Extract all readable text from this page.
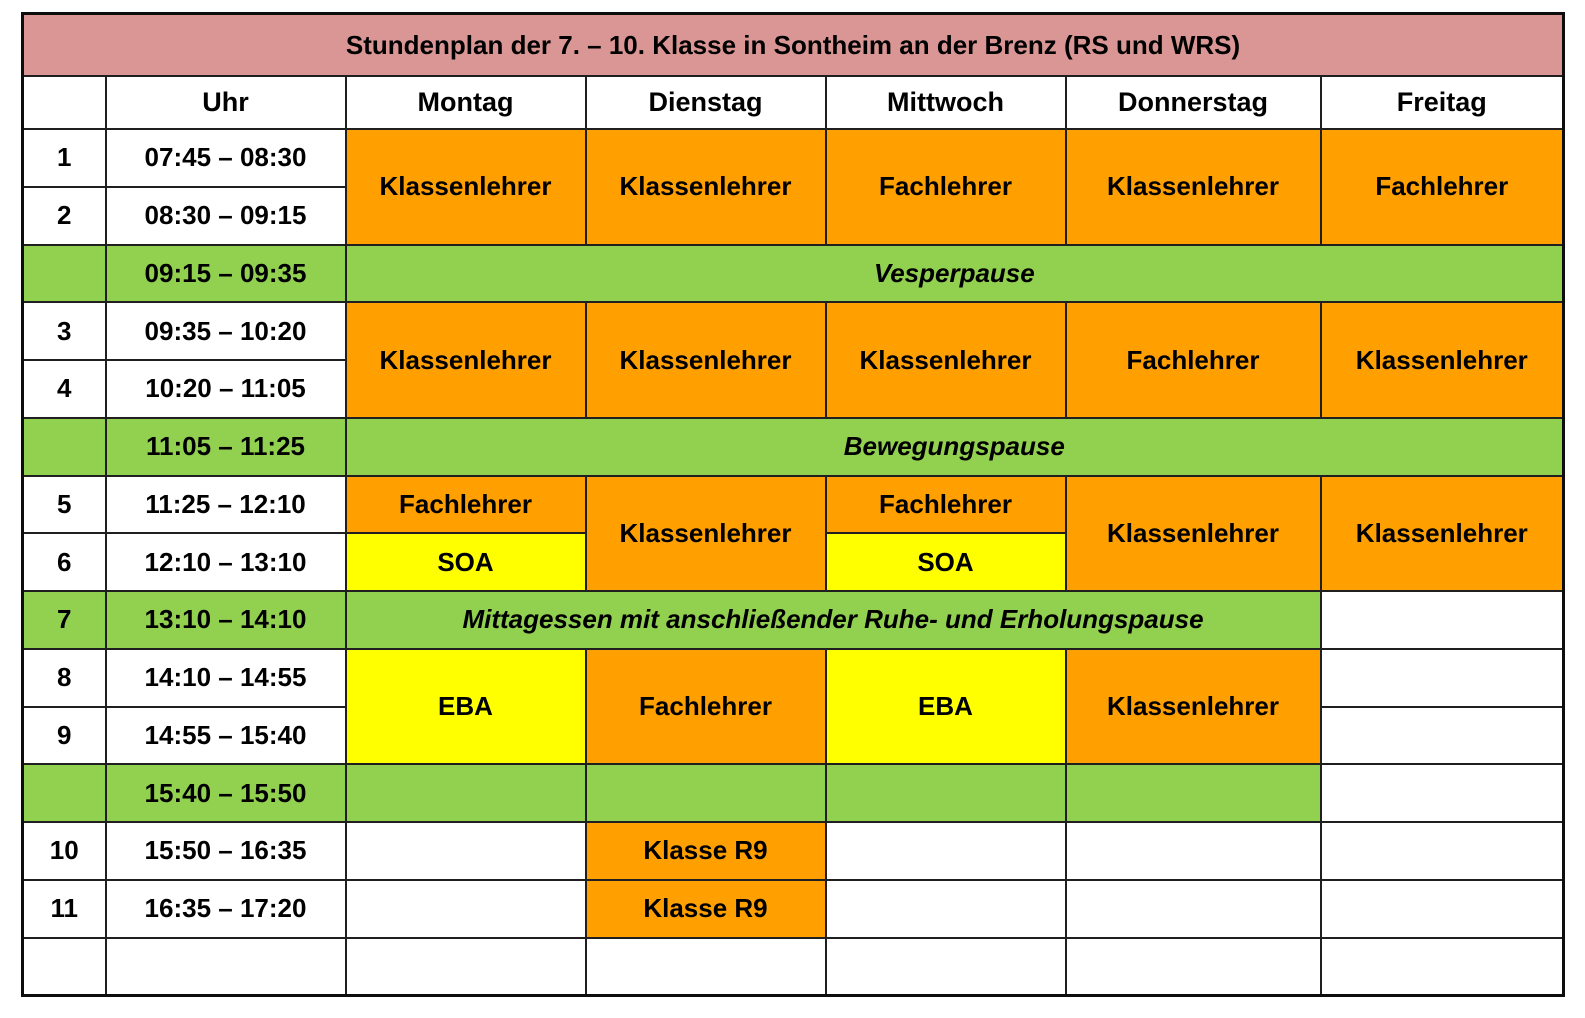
Stundenplan der 7. – 10. Klasse in Sontheim an der Brenz (RS und WRS)						
	Uhr	Montag	Dienstag	Mittwoch	Donnerstag	Freitag
1	07:45 – 08:30	Klassenlehrer	Klassenlehrer	Fachlehrer	Klassenlehrer	Fachlehrer
2	08:30 – 09:15					
	09:15 – 09:35	Vesperpause				
3	09:35 – 10:20	Klassenlehrer	Klassenlehrer	Klassenlehrer	Fachlehrer	Klassenlehrer
4	10:20 – 11:05					
	11:05 – 11:25	Bewegungspause				
5	11:25 – 12:10	Fachlehrer	Klassenlehrer	Fachlehrer	Klassenlehrer	Klassenlehrer
6	12:10 – 13:10	SOA		SOA		
7	13:10 – 14:10	Mittagessen mit anschließender Ruhe- und Erholungspause				
8	14:10 – 14:55	EBA	Fachlehrer	EBA	Klassenlehrer	
9	14:55 – 15:40					
	15:40 – 15:50					
10	15:50 – 16:35		Klasse R9			
11	16:35 – 17:20		Klasse R9			
